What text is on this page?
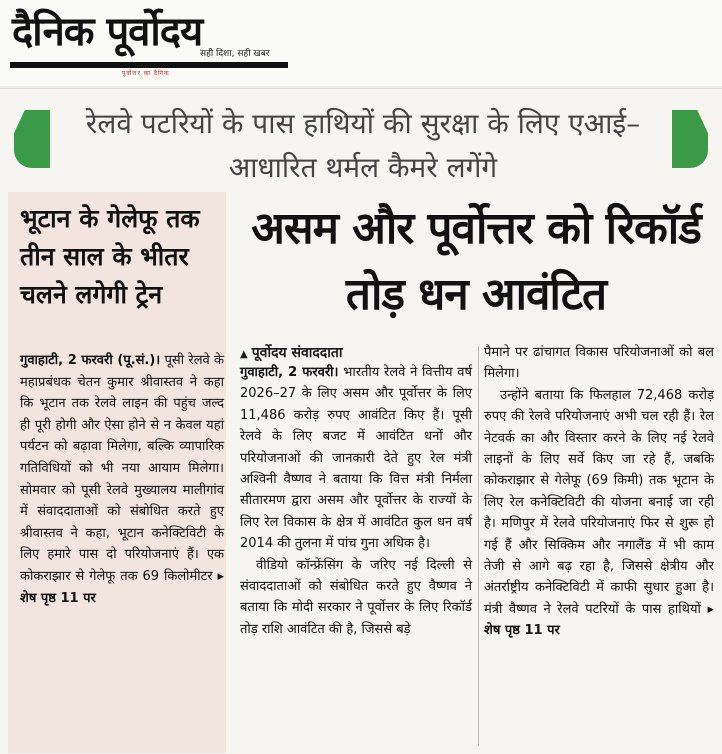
दैनिक पूर्वोदय
सही दिशा, सही खबर
पूर्वोत्तर का दैनिक
रेलवे पटरियों के पास हाथियों की सुरक्षा के लिए एआई–आधारित थर्मल कैमरे लगेंगे
भूटान के गेलेफू तक तीन साल के भीतर चलने लगेगी ट्रेन
गुवाहाटी, 2 फरवरी (पू.सं.)। पूसी रेलवे के महाप्रबंधक चेतन कुमार श्रीवास्तव ने कहा कि भूटान तक रेलवे लाइन की पहुंच जल्द ही पूरी होगी और ऐसा होने से न केवल यहां पर्यटन को बढ़ावा मिलेगा, बल्कि व्यापारिक गतिविधियों को भी नया आयाम मिलेगा। सोमवार को पूसी रेलवे मुख्यालय मालीगांव में संवाददाताओं को संबोधित करते हुए श्रीवास्तव ने कहा, भूटान कनेक्टिविटी के लिए हमारे पास दो परियोजनाएं हैं। एक कोकराझार से गेलेफू तक 69 किलोमीटर ▸ शेष पृष्ठ 11 पर
असम और पूर्वोत्तर को रिकॉर्ड तोड़ धन आवंटित
▲ पूर्वोदय संवाददाता

गुवाहाटी, 2 फरवरी। भारतीय रेलवे ने वित्तीय वर्ष 2026–27 के लिए असम और पूर्वोत्तर के लिए 11,486 करोड़ रुपए आवंटित किए हैं। पूसी रेलवे के लिए बजट में आवंटित धनों और परियोजनाओं की जानकारी देते हुए रेल मंत्री अश्विनी वैष्णव ने बताया कि वित्त मंत्री निर्मला सीतारमण द्वारा असम और पूर्वोत्तर के राज्यों के लिए रेल विकास के क्षेत्र में आवंटित कुल धन वर्ष 2014 की तुलना में पांच गुना अधिक है।

वीडियो कॉन्फ्रेंसिंग के जरिए नई दिल्ली से संवाददाताओं को संबोधित करते हुए वैष्णव ने बताया कि मोदी सरकार ने पूर्वोत्तर के लिए रिकॉर्ड तोड़ राशि आवंटित की है, जिससे बड़े

पैमाने पर ढांचागत विकास परियोजनाओं को बल मिलेगा।

उन्होंने बताया कि फिलहाल 72,468 करोड़ रुपए की रेलवे परियोजनाएं अभी चल रही हैं। रेल नेटवर्क का और विस्तार करने के लिए नई रेलवे लाइनों के लिए सर्वे किए जा रहे हैं, जबकि कोकराझार से गेलेफू (69 किमी) तक भूटान के लिए रेल कनेक्टिविटी की योजना बनाई जा रही है। मणिपुर में रेलवे परियोजनाएं फिर से शुरू हो गई हैं और सिक्किम और नगालैंड में भी काम तेजी से आगे बढ़ रहा है, जिससे क्षेत्रीय और अंतर्राष्ट्रीय कनेक्टिविटी में काफी सुधार हुआ है। मंत्री वैष्णव ने रेलवे पटरियों के पास हाथियों ▸ शेष पृष्ठ 11 पर
